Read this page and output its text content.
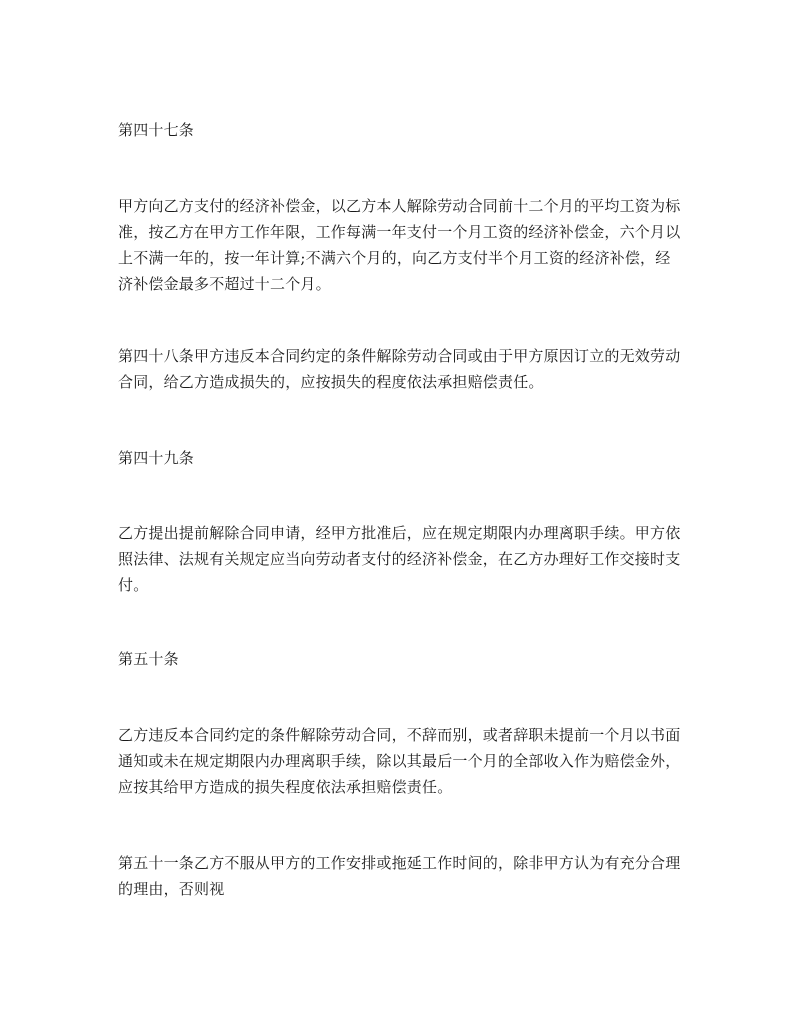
第四十七条

甲方向乙方支付的经济补偿金，以乙方本人解除劳动合同前十二个月的平均工资为标准，按乙方在甲方工作年限，工作每满一年支付一个月工资的经济补偿金，六个月以上不满一年的，按一年计算;不满六个月的，向乙方支付半个月工资的经济补偿，经济补偿金最多不超过十二个月。

第四十八条甲方违反本合同约定的条件解除劳动合同或由于甲方原因订立的无效劳动合同，给乙方造成损失的，应按损失的程度依法承担赔偿责任。

第四十九条

乙方提出提前解除合同申请，经甲方批准后，应在规定期限内办理离职手续。甲方依照法律、法规有关规定应当向劳动者支付的经济补偿金，在乙方办理好工作交接时支付。

第五十条

乙方违反本合同约定的条件解除劳动合同，不辞而别，或者辞职未提前一个月以书面通知或未在规定期限内办理离职手续，除以其最后一个月的全部收入作为赔偿金外，应按其给甲方造成的损失程度依法承担赔偿责任。

第五十一条乙方不服从甲方的工作安排或拖延工作时间的，除非甲方认为有充分合理的理由，否则视
